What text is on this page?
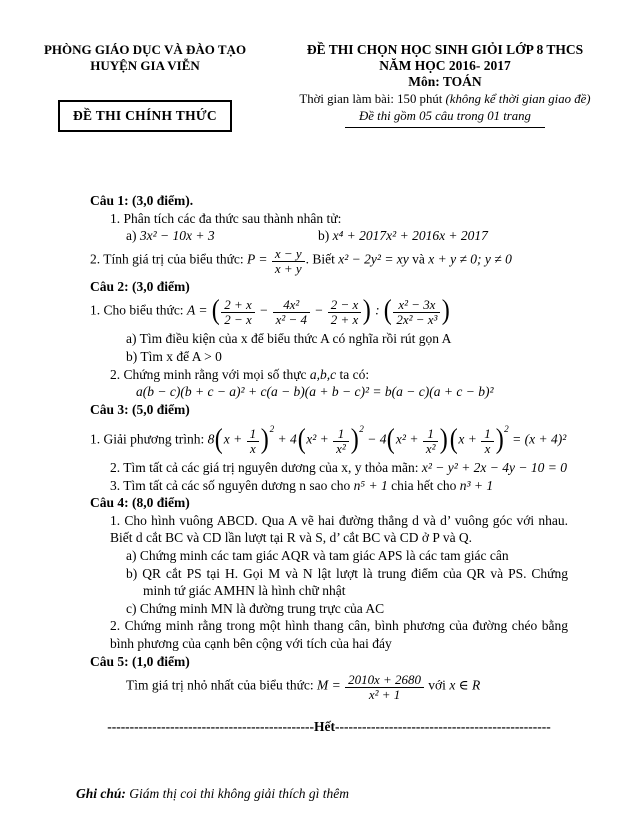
PHÒNG GIÁO DỤC VÀ ĐÀO TẠO
HUYỆN GIA VIỄN
ĐỀ THI CHÍNH THỨC
ĐỀ THI CHỌN HỌC SINH GIỎI LỚP 8 THCS
NĂM HỌC 2016- 2017
Môn: TOÁN
Thời gian làm bài: 150 phút (không kể thời gian giao đề)
Đề thi gồm 05 câu trong 01 trang
Câu 1: (3,0 điểm).
1. Phân tích các đa thức sau thành nhân tử:
a) 3x² − 10x + 3	b) x⁴ + 2017x² + 2016x + 2017
2. Tính giá trị của biểu thức: $P = \frac{x - y}{x + y}$ . Biết x² − 2y² = xy và x + y ≠ 0; y ≠ 0
Câu 2: (3,0 điểm)
1. Cho biểu thức: A = ( $\frac{2 + x}{2 - x} - \frac{\text{4x²}}{\text{x² − 4}} - \frac{2 - x}{2 + x}$ ) : ( $\frac{\text{x² − 3x}}{\text{2x² − x³}}$ )
a) Tìm điều kiện của x để biểu thức A có nghĩa rồi rút gọn A
b) Tìm x để A > 0
2. Chứng minh rằng với mọi số thực a,b,c ta có:
a(b − c)(b + c − a)² + c(a − b)(a + b − c)² = b(a − c)(a + c − b)²
Câu 3: (5,0 điểm)
1. Giải phương trình: $8(x + \frac{1}{x} )^2 + 4(x^2 + \frac{1}{\text{x²}} )^2 - 4(x^2 + \frac{1}{\text{x²}} )(x + \frac{1}{x} )^2 = (x + 4)^2$
2. Tìm tất cả các giá trị nguyên dương của x, y thỏa mãn: x² − y² + 2x − 4y − 10 = 0
3. Tìm tất cả các số nguyên dương n sao cho n⁵ + 1 chia hết cho n³ + 1
Câu 4: (8,0 điểm)
1. Cho hình vuông ABCD. Qua A vẽ hai đường thẳng d và d’ vuông góc với nhau. Biết d cắt BC và CD lần lượt tại R và S, d’ cắt BC và CD ở P và Q.
a) Chứng minh các tam giác AQR và tam giác APS là các tam giác cân
b) QR cắt PS tại H. Gọi M và N lật lượt là trung điểm của QR và PS. Chứng minh tứ giác AMHN là hình chữ nhật
c) Chứng minh MN là đường trung trực của AC
2. Chứng minh rằng trong một hình thang cân, bình phương của đường chéo bằng bình phương của cạnh bên cộng với tích của hai đáy
Câu 5: (1,0 điểm)
Tìm giá trị nhỏ nhất của biểu thức: $M = \frac{2010x + 2680}{\text{x² + 1}}$ với x ∈ R
----------------------------------------------Hết------------------------------------------------
Ghi chú: Giám thị coi thi không giải thích gì thêm
